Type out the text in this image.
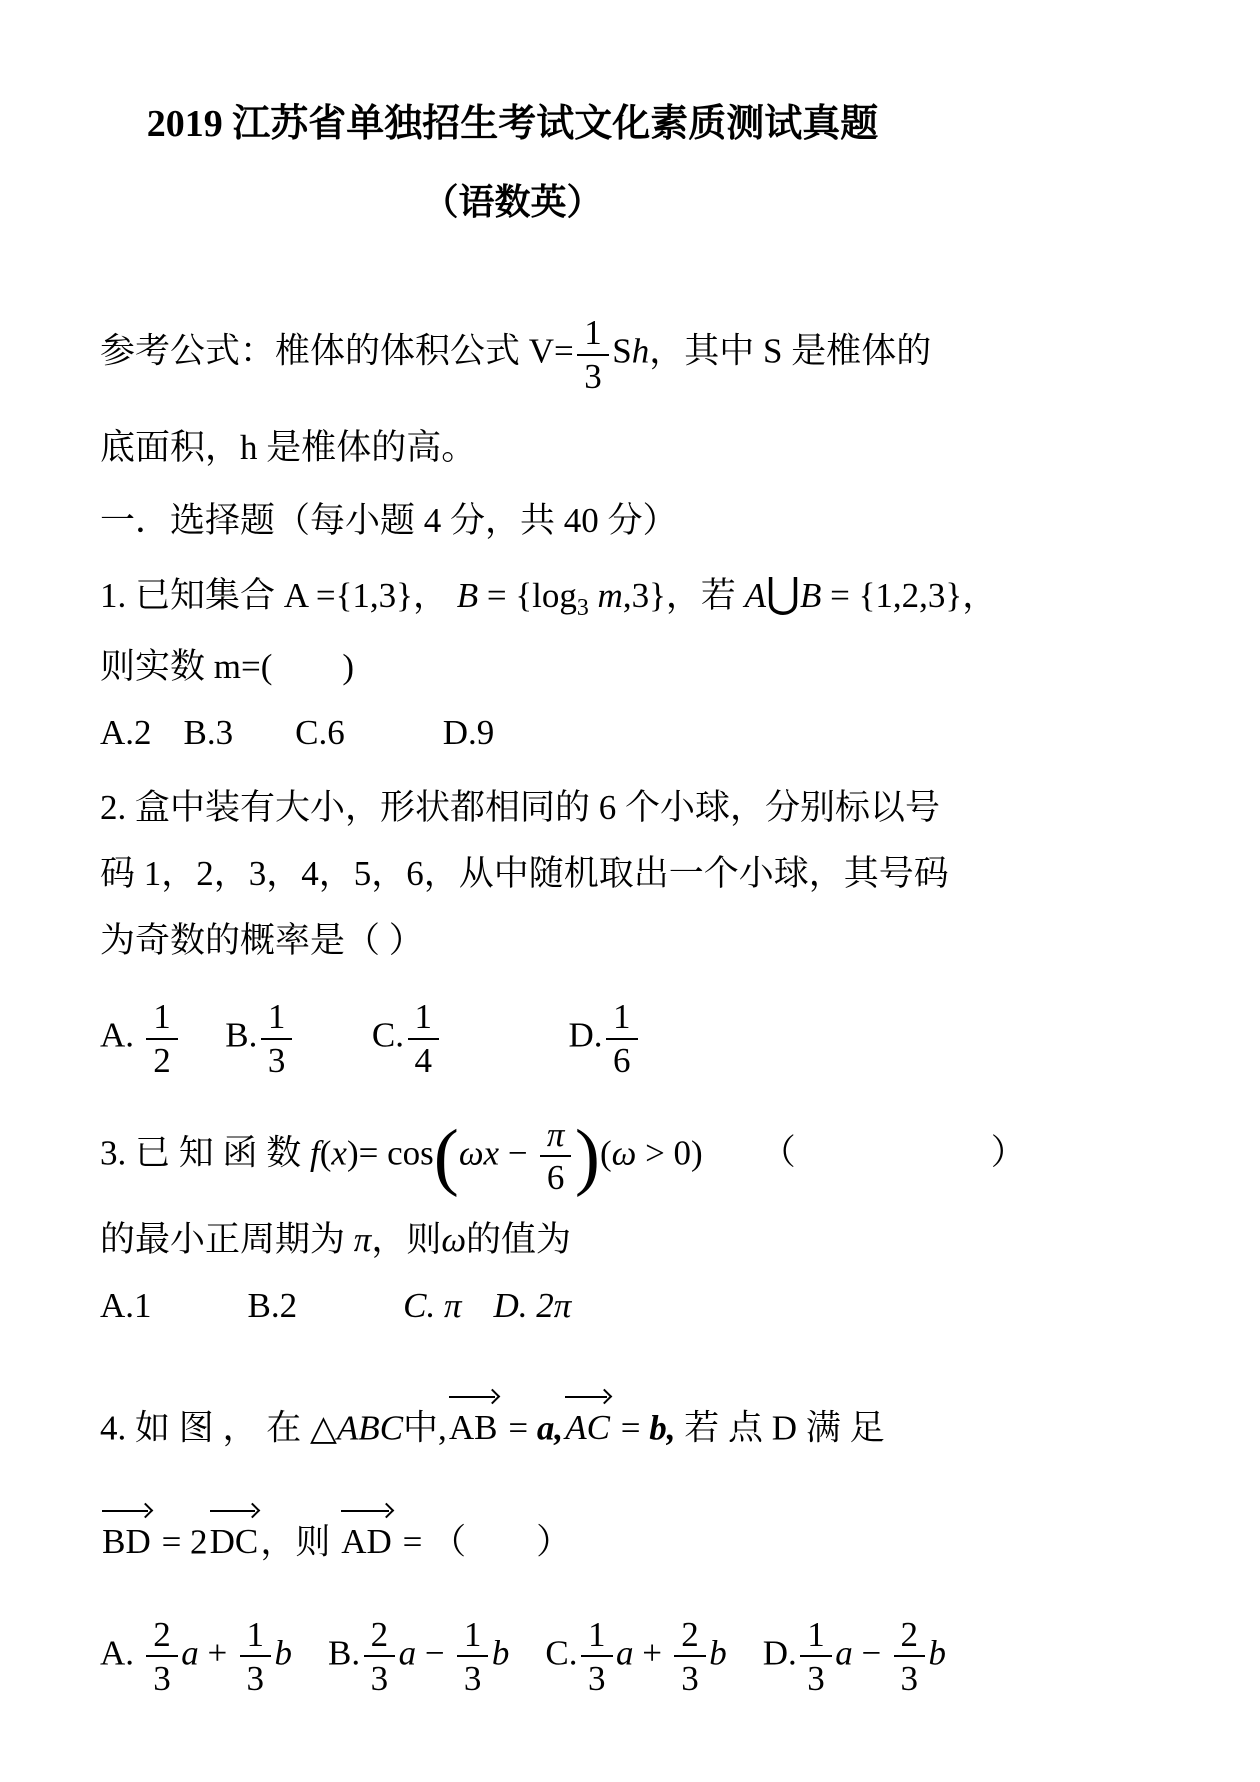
2019 江苏省单独招生考试文化素质测试真题
（语数英）
参考公式：椎体的体积公式 $V= \frac{1}{3}$ Sh，其中 S 是椎体的
底面积，h 是椎体的高。
一．选择题（每小题 4 分，共 40 分）
1. 已知集合 A ={1,3}， $B = \{\log_3$ m,3}，若 A⋃B = {1,2,3}，
则实数 m=(　　)
A.2 B.3 C.6	D.9
2. 盒中装有大小，形状都相同的 6 个小球，分别标以号
码 1，2，3，4，5，6，从中随机取出一个小球，其号码
为奇数的概率是（ ）
A. $\frac{1}{2} B$. $\frac{1}{3} C$. $\frac{1}{4}$	D. $\frac{1}{6}$
3. 已 知 函 数 $f(x)= \cos(\omega x - \frac{\pi}{6} )(\omega > 0)$ （	）
的最小正周期为 π，则ω的值为
A.1	B.2	C. π D. 2π
4. 如 图 ， 在 △ABC中,
AB = a,
AC = b, 若 点 D 满 足
BD = 2
DC，则
AD = （　　）
A. $\frac{2}{3}$ $a + \frac{1}{3}$ b B. $\frac{2}{3}$ $a - \frac{1}{3}$ b C. $\frac{1}{3}$ $a + \frac{2}{3}$ b D. $\frac{1}{3}$ $a - \frac{2}{3}$ b
